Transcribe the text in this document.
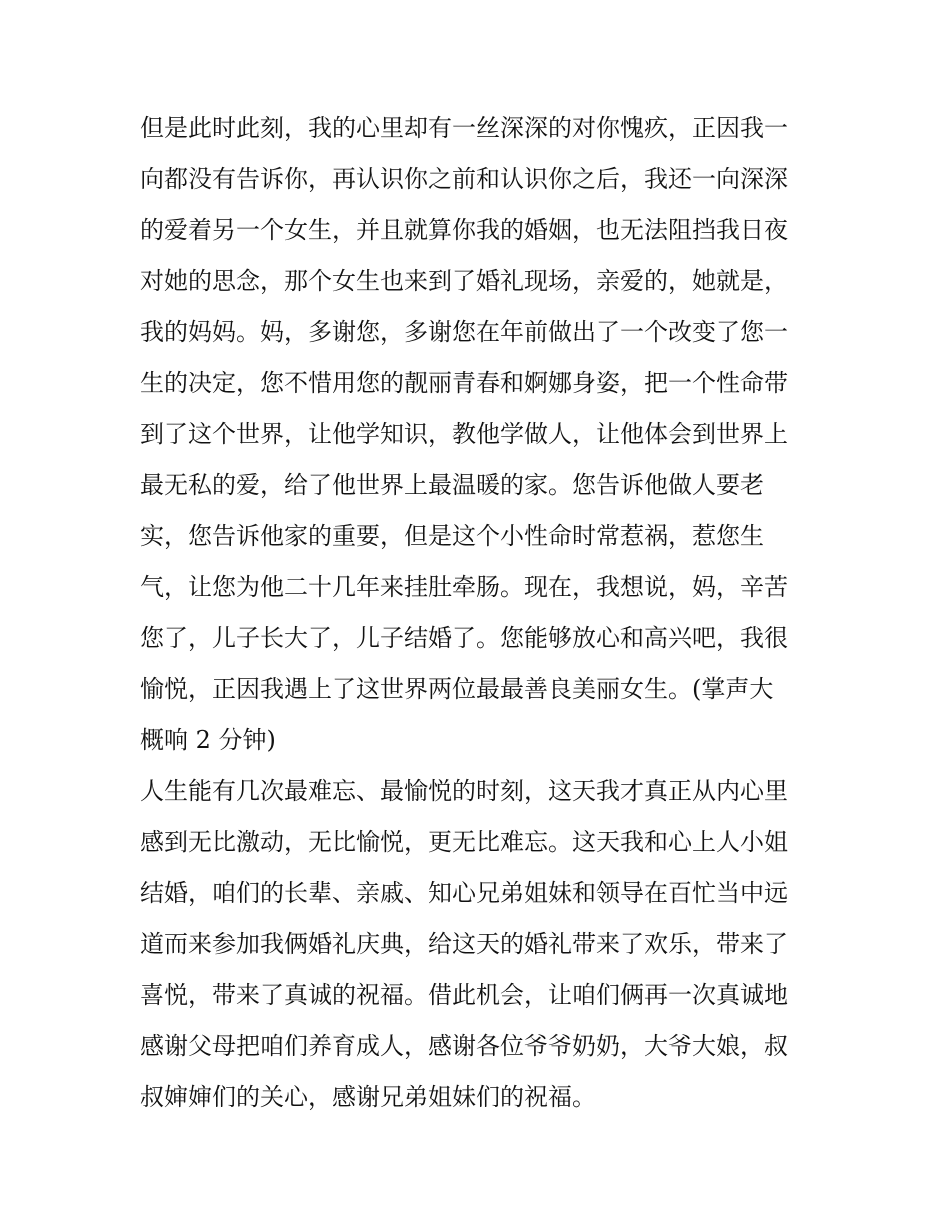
但是此时此刻，我的心里却有一丝深深的对你愧疚，正因我一
向都没有告诉你，再认识你之前和认识你之后，我还一向深深
的爱着另一个女生，并且就算你我的婚姻，也无法阻挡我日夜
对她的思念，那个女生也来到了婚礼现场，亲爱的，她就是，
我的妈妈。妈，多谢您，多谢您在年前做出了一个改变了您一
生的决定，您不惜用您的靓丽青春和婀娜身姿，把一个性命带
到了这个世界，让他学知识，教他学做人，让他体会到世界上
最无私的爱，给了他世界上最温暖的家。您告诉他做人要老
实，您告诉他家的重要，但是这个小性命时常惹祸，惹您生
气，让您为他二十几年来挂肚牵肠。现在，我想说，妈，辛苦
您了，儿子长大了，儿子结婚了。您能够放心和高兴吧，我很
愉悦，正因我遇上了这世界两位最最善良美丽女生。(掌声大
概响 2 分钟)
人生能有几次最难忘、最愉悦的时刻，这天我才真正从内心里
感到无比激动，无比愉悦，更无比难忘。这天我和心上人小姐
结婚，咱们的长辈、亲戚、知心兄弟姐妹和领导在百忙当中远
道而来参加我俩婚礼庆典，给这天的婚礼带来了欢乐，带来了
喜悦，带来了真诚的祝福。借此机会，让咱们俩再一次真诚地
感谢父母把咱们养育成人，感谢各位爷爷奶奶，大爷大娘，叔
叔婶婶们的关心，感谢兄弟姐妹们的祝福。
